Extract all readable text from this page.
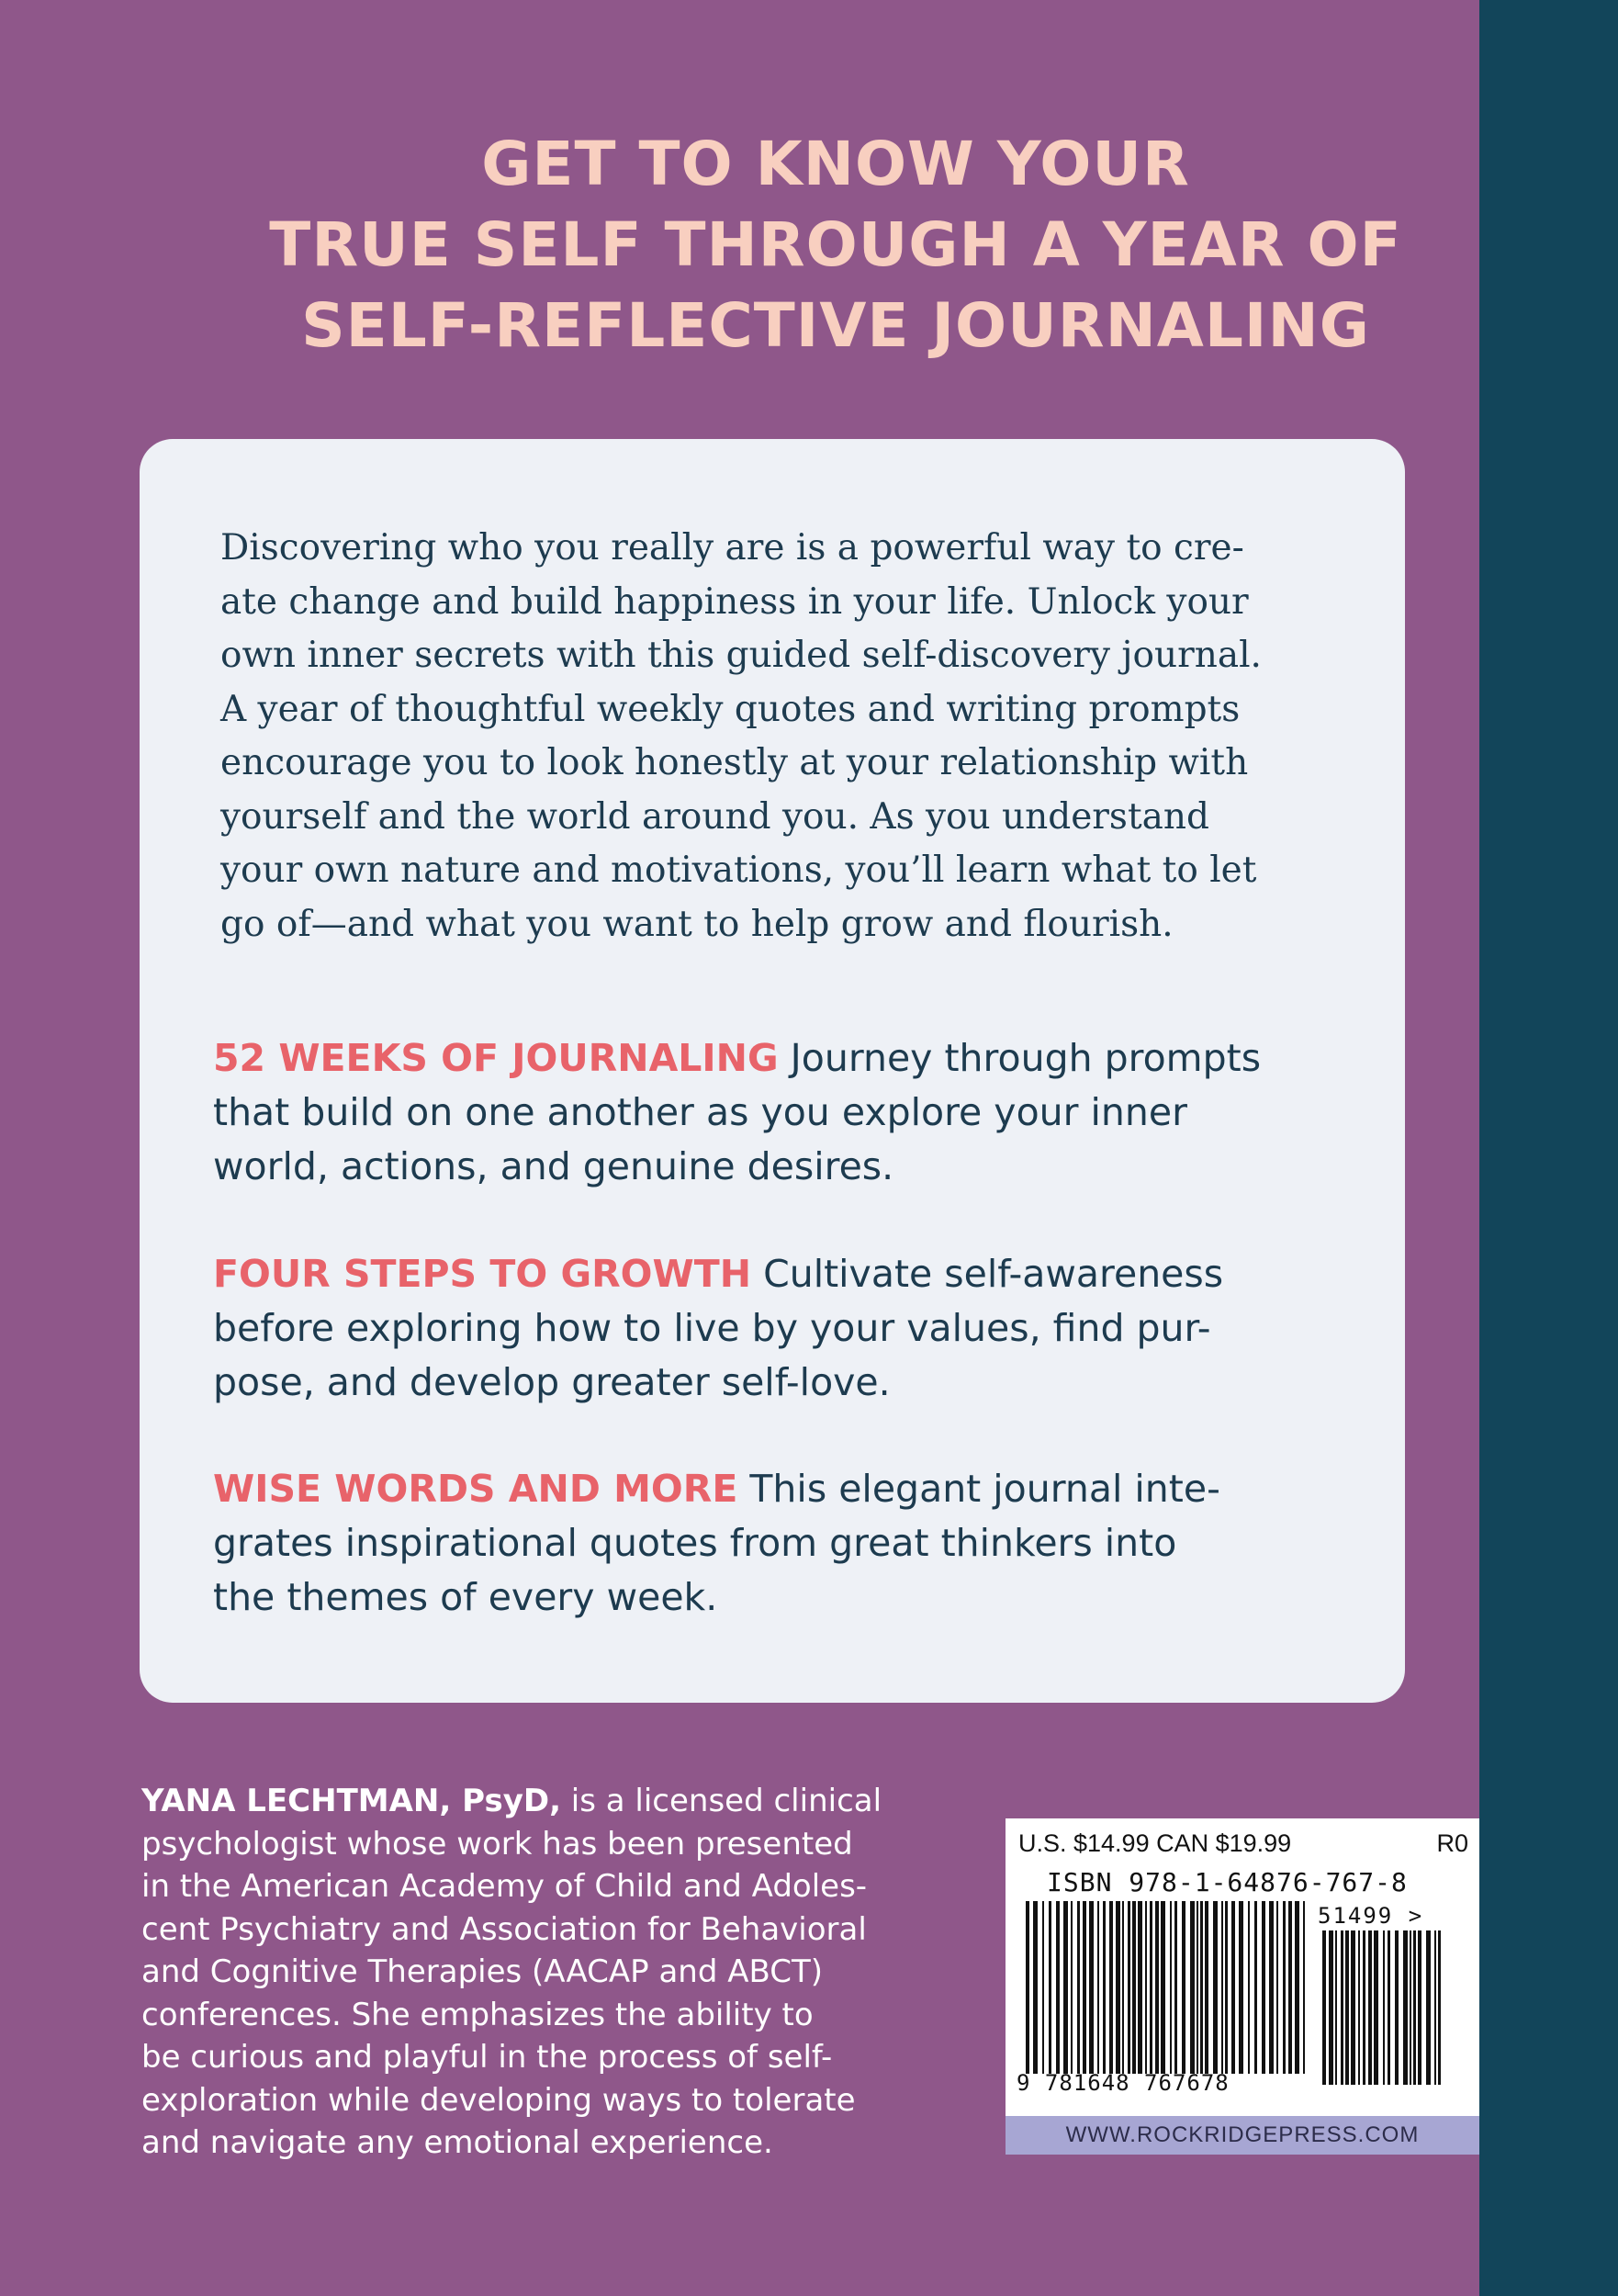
GET TO KNOW YOUR
TRUE SELF THROUGH A YEAR OF
SELF-REFLECTIVE JOURNALING
Discovering who you really are is a powerful way to cre-
ate change and build happiness in your life. Unlock your
own inner secrets with this guided self-discovery journal.
A year of thoughtful weekly quotes and writing prompts
encourage you to look honestly at your relationship with
yourself and the world around you. As you understand
your own nature and motivations, you’ll learn what to let
go of—and what you want to help grow and flourish.
52 WEEKS OF JOURNALING Journey through prompts
that build on one another as you explore your inner
world, actions, and genuine desires.
FOUR STEPS TO GROWTH Cultivate self-awareness
before exploring how to live by your values, find pur-
pose, and develop greater self-love.
WISE WORDS AND MORE This elegant journal inte-
grates inspirational quotes from great thinkers into
the themes of every week.
YANA LECHTMAN, PsyD, is a licensed clinical
psychologist whose work has been presented
in the American Academy of Child and Adoles-
cent Psychiatry and Association for Behavioral
and Cognitive Therapies (AACAP and ABCT)
conferences. She emphasizes the ability to
be curious and playful in the process of self-
exploration while developing ways to tolerate
and navigate any emotional experience.
U.S. $14.99 CAN $19.99	R0
ISBN 978-1-64876-767-8
51499 >
9 781648 767678
WWW.ROCKRIDGEPRESS.COM
